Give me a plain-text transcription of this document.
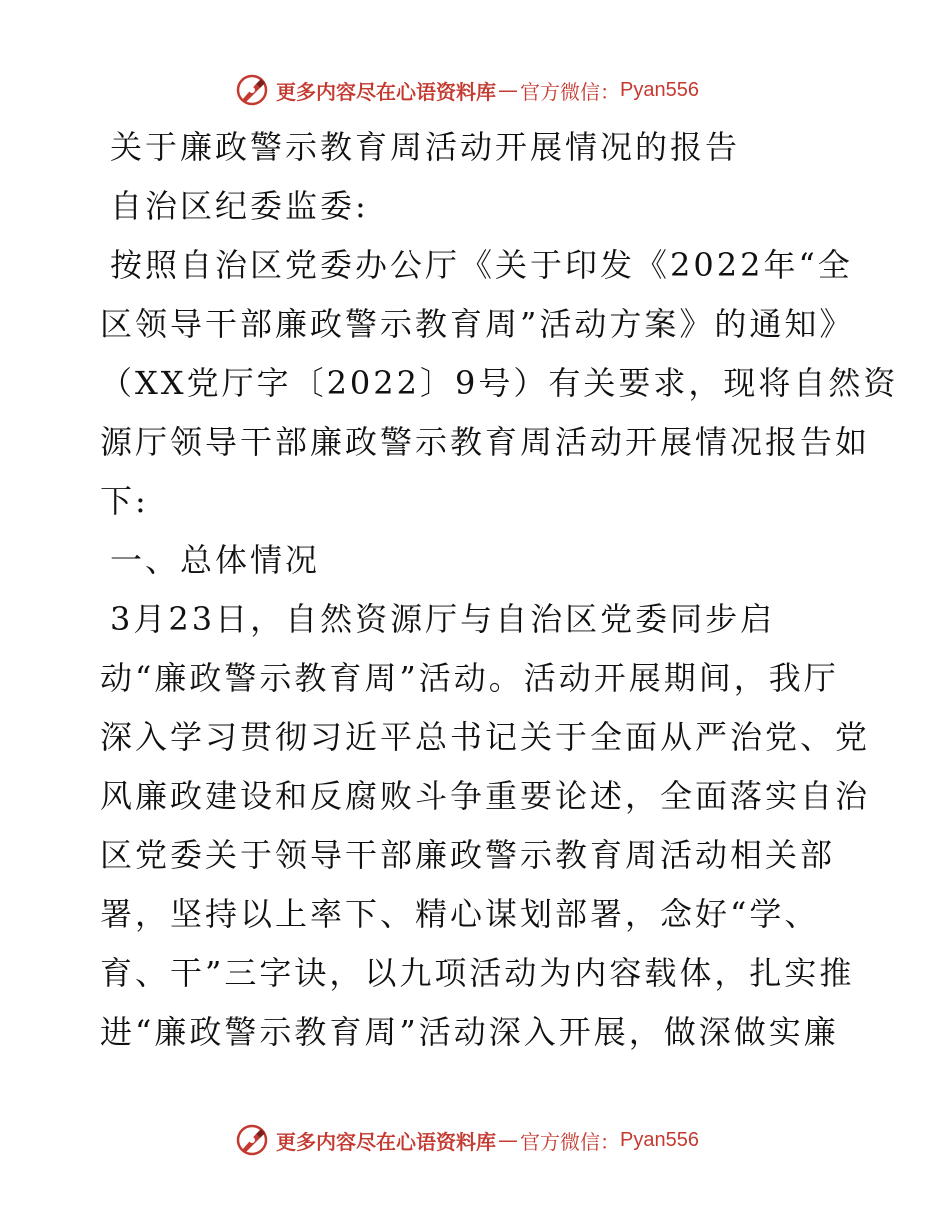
更多内容尽在心语资料库 — 官方微信： Pyan556
关于廉政警示教育周活动开展情况的报告
自治区纪委监委:
按照自治区党委办公厅《关于印发《2022年“全
区领导干部廉政警示教育周”活动方案》的通知》
（XX党厅字〔2022〕9号）有关要求，现将自然资
源厅领导干部廉政警示教育周活动开展情况报告如
下:
一、总体情况
3月23日，自然资源厅与自治区党委同步启
动“廉政警示教育周”活动。活动开展期间，我厅
深入学习贯彻习近平总书记关于全面从严治党、党
风廉政建设和反腐败斗争重要论述，全面落实自治
区党委关于领导干部廉政警示教育周活动相关部
署，坚持以上率下、精心谋划部署，念好“学、
育、干”三字诀，以九项活动为内容载体，扎实推
进“廉政警示教育周”活动深入开展，做深做实廉
更多内容尽在心语资料库 — 官方微信： Pyan556
